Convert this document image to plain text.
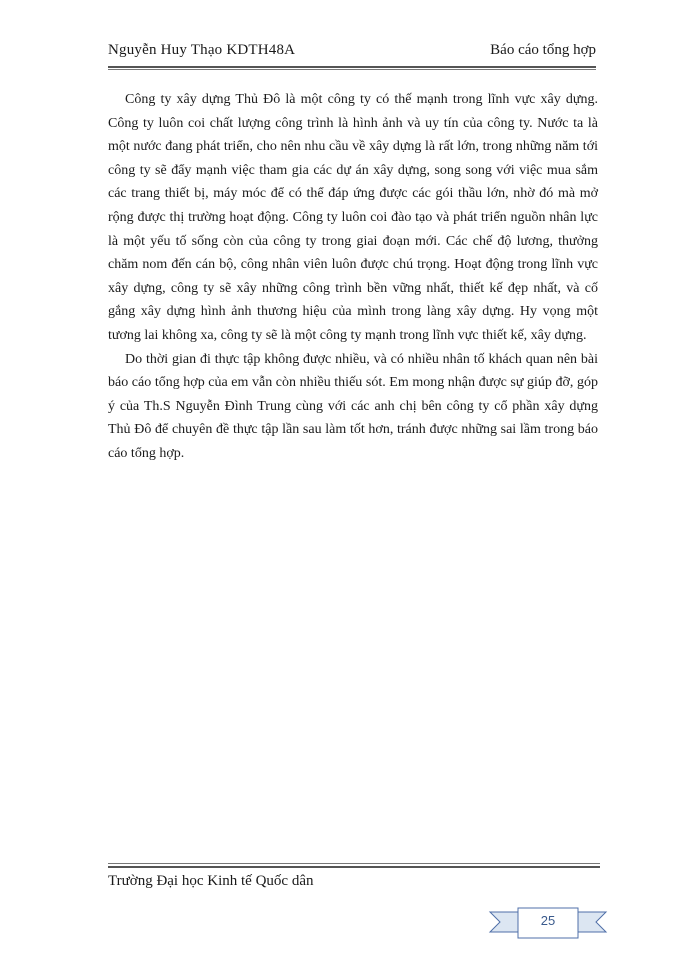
Nguyễn Huy Thạo KDTH48A	Báo cáo tổng hợp

Công ty xây dựng Thủ Đô là một công ty có thế mạnh trong lĩnh vực xây dựng. Công ty luôn coi chất lượng công trình là hình ảnh và uy tín của công ty. Nước ta là một nước đang phát triển, cho nên nhu cầu về xây dựng là rất lớn, trong những năm tới công ty sẽ đẩy mạnh việc tham gia các dự án xây dựng, song song với việc mua sắm các trang thiết bị, máy móc để có thể đáp ứng được các gói thầu lớn, nhờ đó mà mở rộng được thị trường hoạt động. Công ty luôn coi đào tạo và phát triển nguồn nhân lực là một yếu tố sống còn của công ty trong giai đoạn mới. Các chế độ lương, thưởng chăm nom đến cán bộ, công nhân viên luôn được chú trọng. Hoạt động trong lĩnh vực xây dựng, công ty sẽ xây những công trình bền vững nhất, thiết kế đẹp nhất, và cố gắng xây dựng hình ảnh thương hiệu của mình trong làng xây dựng. Hy vọng một tương lai không xa, công ty sẽ là một công ty mạnh trong lĩnh vực thiết kế, xây dựng.

Do thời gian đi thực tập không được nhiều, và có nhiều nhân tố khách quan nên bài báo cáo tổng hợp của em vẫn còn nhiều thiếu sót. Em mong nhận được sự giúp đỡ, góp ý của Th.S Nguyễn Đình Trung cùng với các anh chị bên công ty cổ phần xây dựng Thủ Đô để chuyên đề thực tập lần sau làm tốt hơn, tránh được những sai lầm trong báo cáo tổng hợp.

Trường Đại học Kinh tế Quốc dân
25
